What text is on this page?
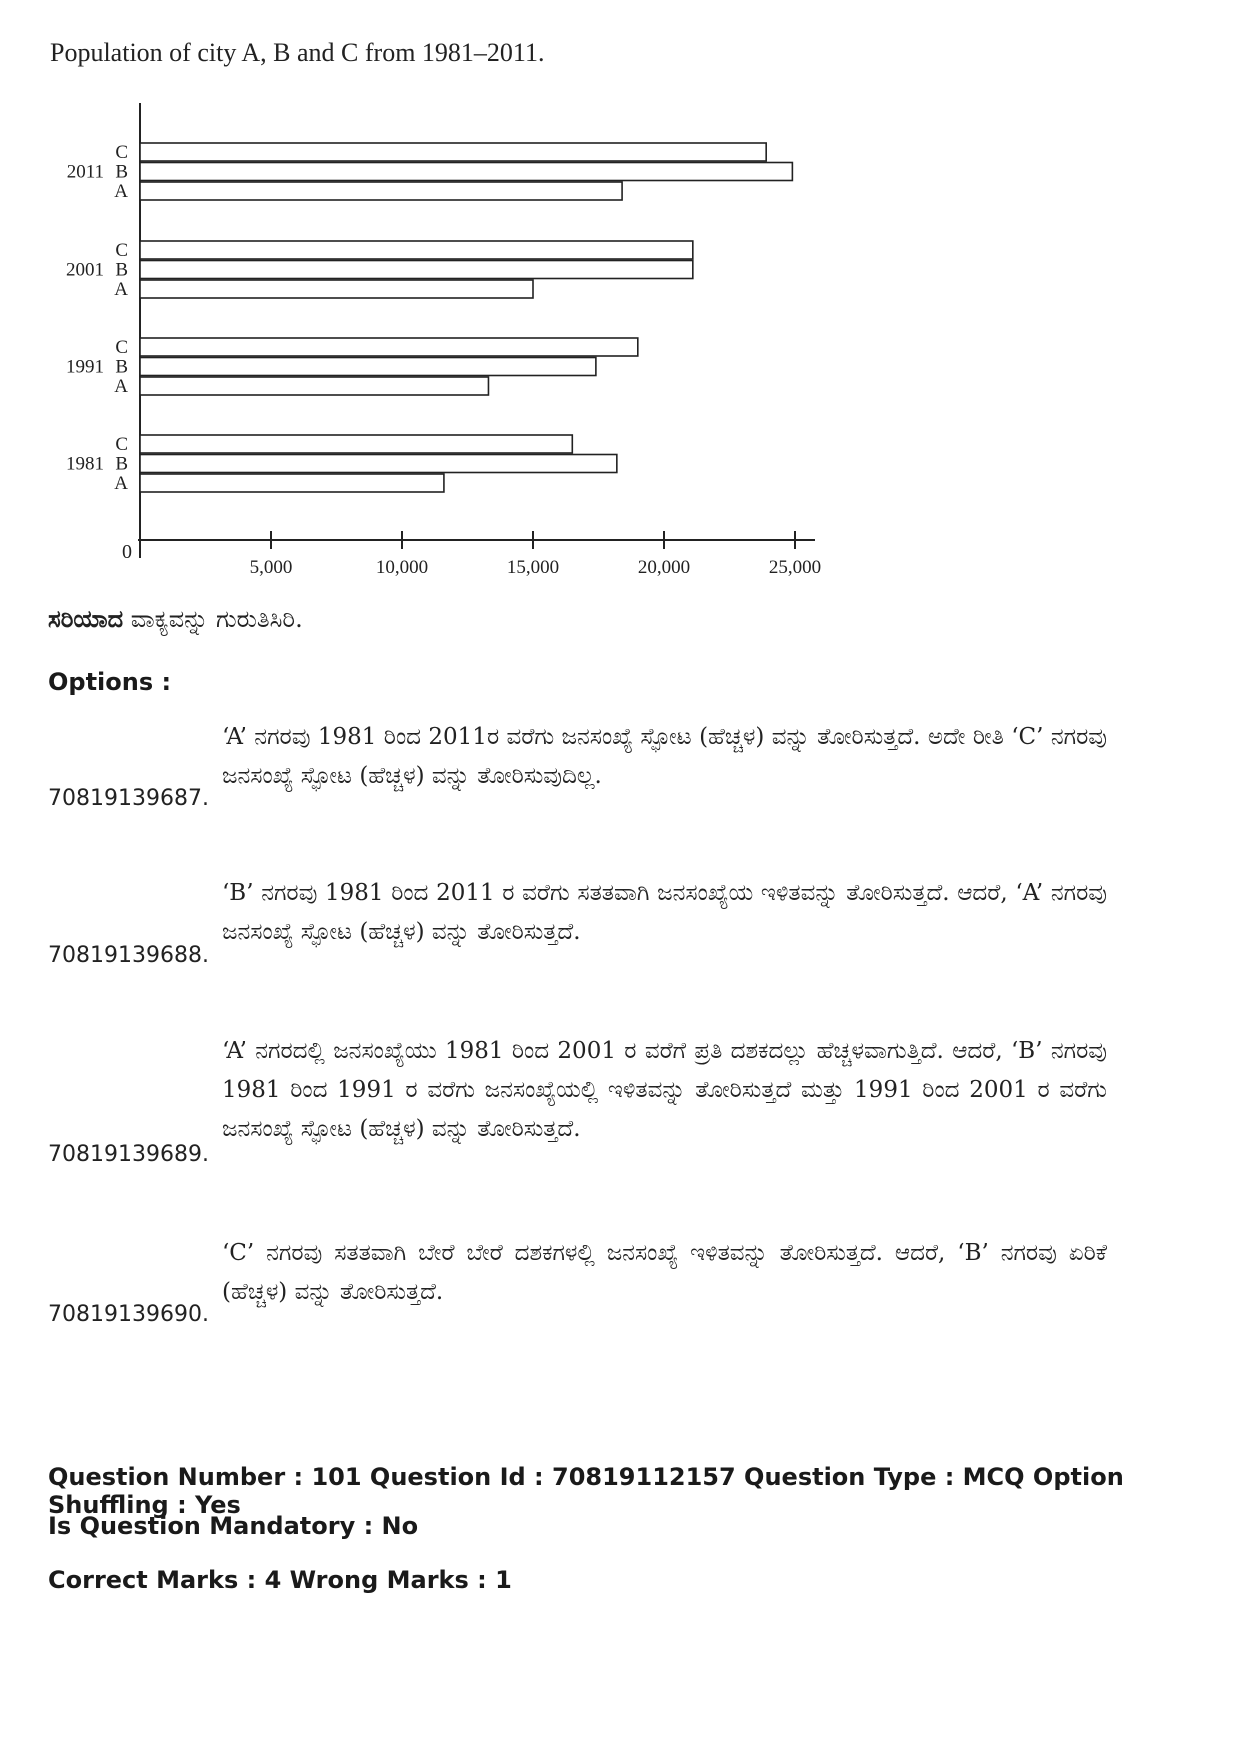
Population of city A, B and C from 1981–2011.
0
5,000	10,000	15,000	20,000	25,000
C
B
A
1981
C
B
A
1991
C
B
A
2001
C
B
A
2011
ಸರಿಯಾದ ವಾಕ್ಯವನ್ನು ಗುರುತಿಸಿರಿ.
Options :
‘A’ ನಗರವು 1981 ರಿಂದ 2011ರ ವರೆಗು ಜನಸಂಖ್ಯೆ ಸ್ಫೋಟ (ಹೆಚ್ಚಳ) ವನ್ನು ತೋರಿಸುತ್ತದೆ. ಅದೇ ರೀತಿ ‘C’ ನಗರವು ಜನಸಂಖ್ಯೆ ಸ್ಫೋಟ (ಹೆಚ್ಚಳ) ವನ್ನು ತೋರಿಸುವುದಿಲ್ಲ.
70819139687.
‘B’ ನಗರವು 1981 ರಿಂದ 2011 ರ ವರೆಗು ಸತತವಾಗಿ ಜನಸಂಖ್ಯೆಯ ಇಳಿತವನ್ನು ತೋರಿಸುತ್ತದೆ. ಆದರೆ, ‘A’ ನಗರವು ಜನಸಂಖ್ಯೆ ಸ್ಫೋಟ (ಹೆಚ್ಚಳ) ವನ್ನು ತೋರಿಸುತ್ತದೆ.
70819139688.
‘A’ ನಗರದಲ್ಲಿ ಜನಸಂಖ್ಯೆಯು 1981 ರಿಂದ 2001 ರ ವರೆಗೆ ಪ್ರತಿ ದಶಕದಲ್ಲು ಹೆಚ್ಚಳವಾಗುತ್ತಿದೆ. ಆದರೆ, ‘B’ ನಗರವು 1981 ರಿಂದ 1991 ರ ವರೆಗು ಜನಸಂಖ್ಯೆಯಲ್ಲಿ ಇಳಿತವನ್ನು ತೋರಿಸುತ್ತದೆ ಮತ್ತು 1991 ರಿಂದ 2001 ರ ವರೆಗು ಜನಸಂಖ್ಯೆ ಸ್ಫೋಟ (ಹೆಚ್ಚಳ) ವನ್ನು ತೋರಿಸುತ್ತದೆ.
70819139689.
‘C’ ನಗರವು ಸತತವಾಗಿ ಬೇರೆ ಬೇರೆ ದಶಕಗಳಲ್ಲಿ ಜನಸಂಖ್ಯೆ ಇಳಿತವನ್ನು ತೋರಿಸುತ್ತದೆ. ಆದರೆ, ‘B’ ನಗರವು ಏರಿಕೆ (ಹೆಚ್ಚಳ) ವನ್ನು ತೋರಿಸುತ್ತದೆ.
70819139690.
Question Number : 101 Question Id : 70819112157 Question Type : MCQ Option Shuffling : Yes
Is Question Mandatory : No
Correct Marks : 4 Wrong Marks : 1
